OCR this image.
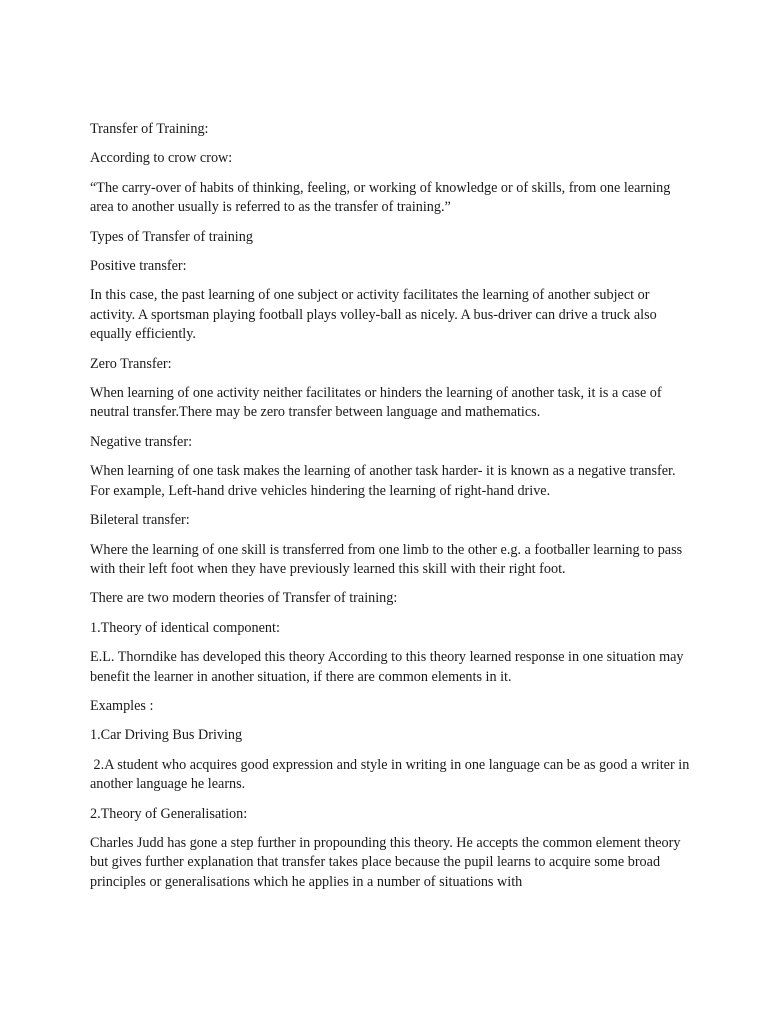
Transfer of Training:

According to crow crow:

“The carry-over of habits of thinking, feeling, or working of knowledge or of skills, from one learning area to another usually is referred to as the transfer of training.”

Types of Transfer of training

Positive transfer:

In this case, the past learning of one subject or activity facilitates the learning of another subject or activity. A sportsman playing football plays volley-ball as nicely. A bus-driver can drive a truck also equally efficiently.

Zero Transfer:

When learning of one activity neither facilitates or hinders the learning of another task, it is a case of neutral transfer.There may be zero transfer between language and mathematics.

Negative transfer:

When learning of one task makes the learning of another task harder- it is known as a negative transfer. For example, Left-hand drive vehicles hindering the learning of right-hand drive.

Bileteral transfer:

Where the learning of one skill is transferred from one limb to the other e.g. a footballer learning to pass with their left foot when they have previously learned this skill with their right foot.

There are two modern theories of Transfer of training:

1.Theory of identical component:

E.L. Thorndike has developed this theory According to this theory learned response in one situation may benefit the learner in another situation, if there are common elements in it.

Examples :

1.Car Driving Bus Driving

2.A student who acquires good expression and style in writing in one language can be as good a writer in another language he learns.

2.Theory of Generalisation:

Charles Judd has gone a step further in propounding this theory. He accepts the common element theory but gives further explanation that transfer takes place because the pupil learns to acquire some broad principles or generalisations which he applies in a number of situations with
